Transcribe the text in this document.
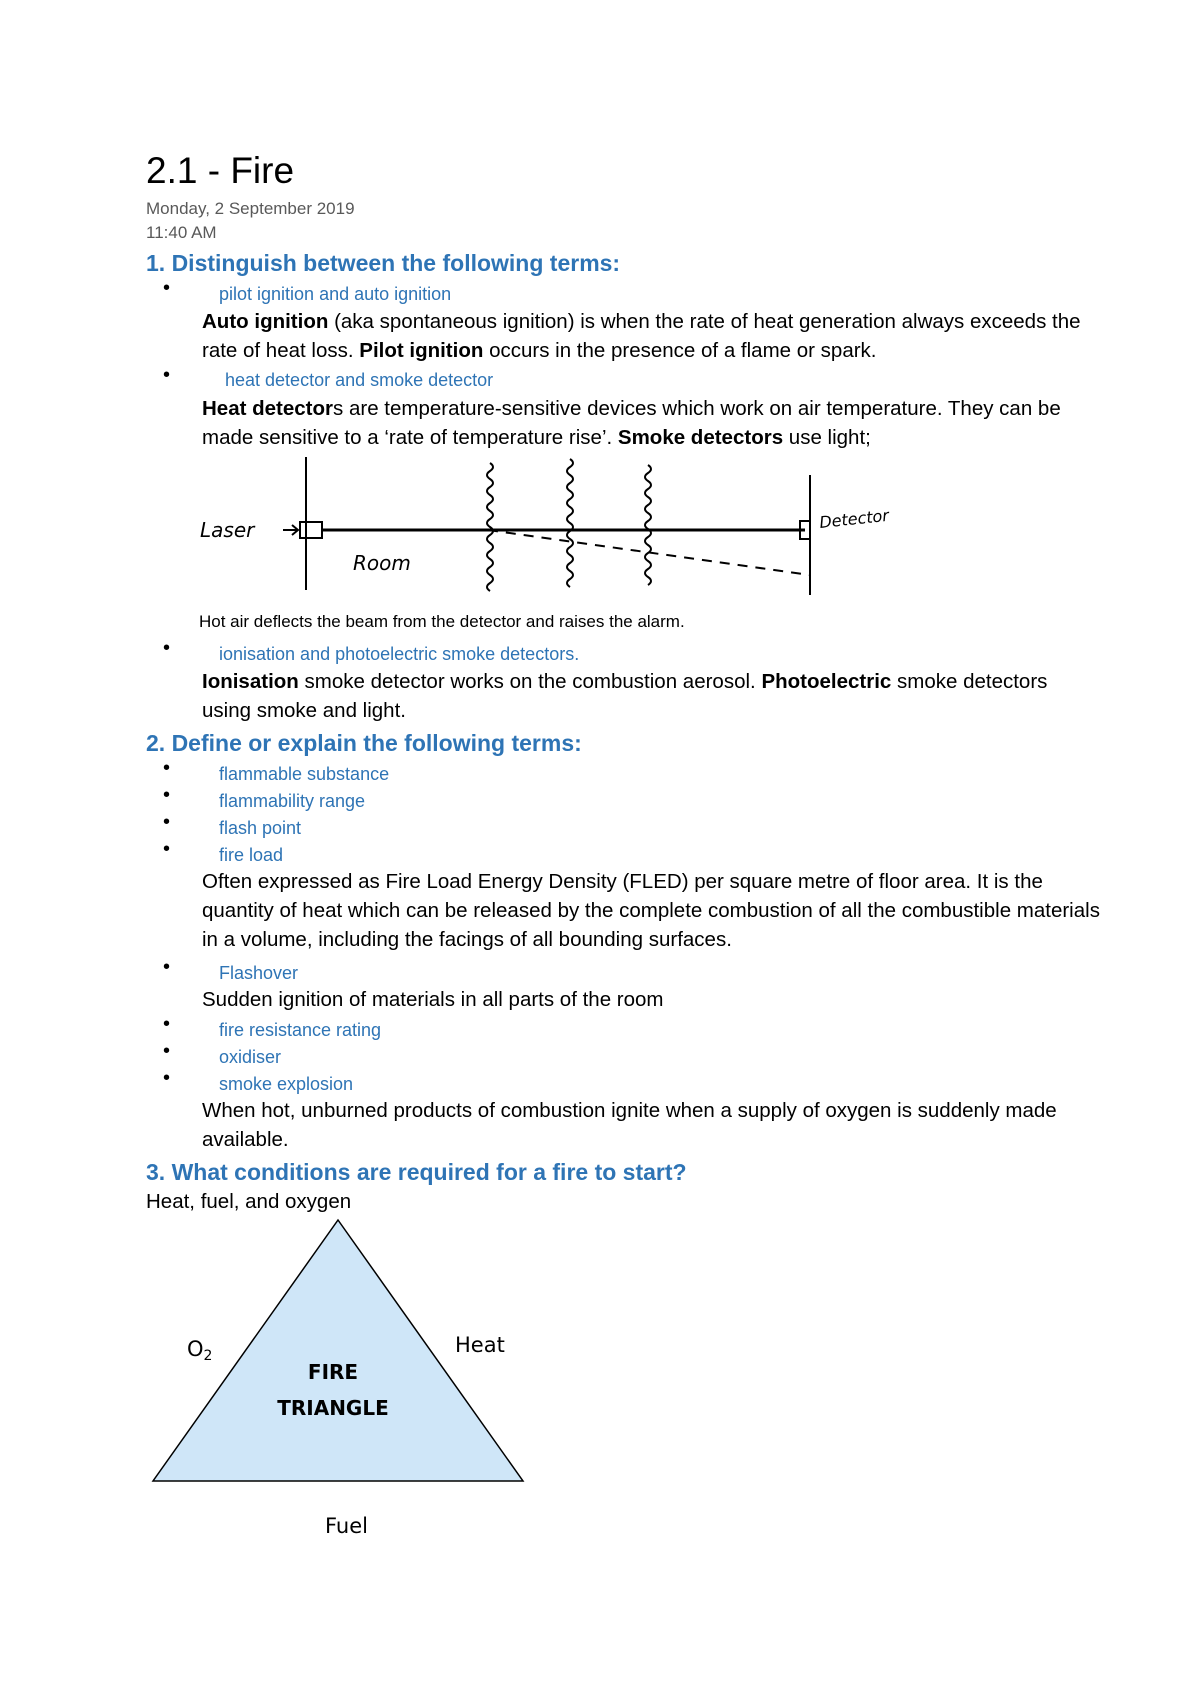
2.1 - Fire
Monday, 2 September 2019
11:40 AM
1. Distinguish between the following terms:
•	pilot ignition and auto ignition
Auto ignition (aka spontaneous ignition) is when the rate of heat generation always exceeds the rate of heat loss. Pilot ignition occurs in the presence of a flame or spark.
•	heat detector and smoke detector
Heat detectors are temperature-sensitive devices which work on air temperature. They can be made sensitive to a ‘rate of temperature rise’. Smoke detectors use light;
Laser
Room
Detector
Hot air deflects the beam from the detector and raises the alarm.
•	ionisation and photoelectric smoke detectors.
Ionisation smoke detector works on the combustion aerosol. Photoelectric smoke detectors using smoke and light.
2. Define or explain the following terms:
•	flammable substance
•	flammability range
•	flash point
•	fire load
Often expressed as Fire Load Energy Density (FLED) per square metre of floor area. It is the quantity of heat which can be released by the complete combustion of all the combustible materials in a volume, including the facings of all bounding surfaces.
•	Flashover
Sudden ignition of materials in all parts of the room
•	fire resistance rating
•	oxidiser
•	smoke explosion
When hot, unburned products of combustion ignite when a supply of oxygen is suddenly made available.
3. What conditions are required for a fire to start?
Heat, fuel, and oxygen
O2	Heat
Fuel
FIRE
TRIANGLE
